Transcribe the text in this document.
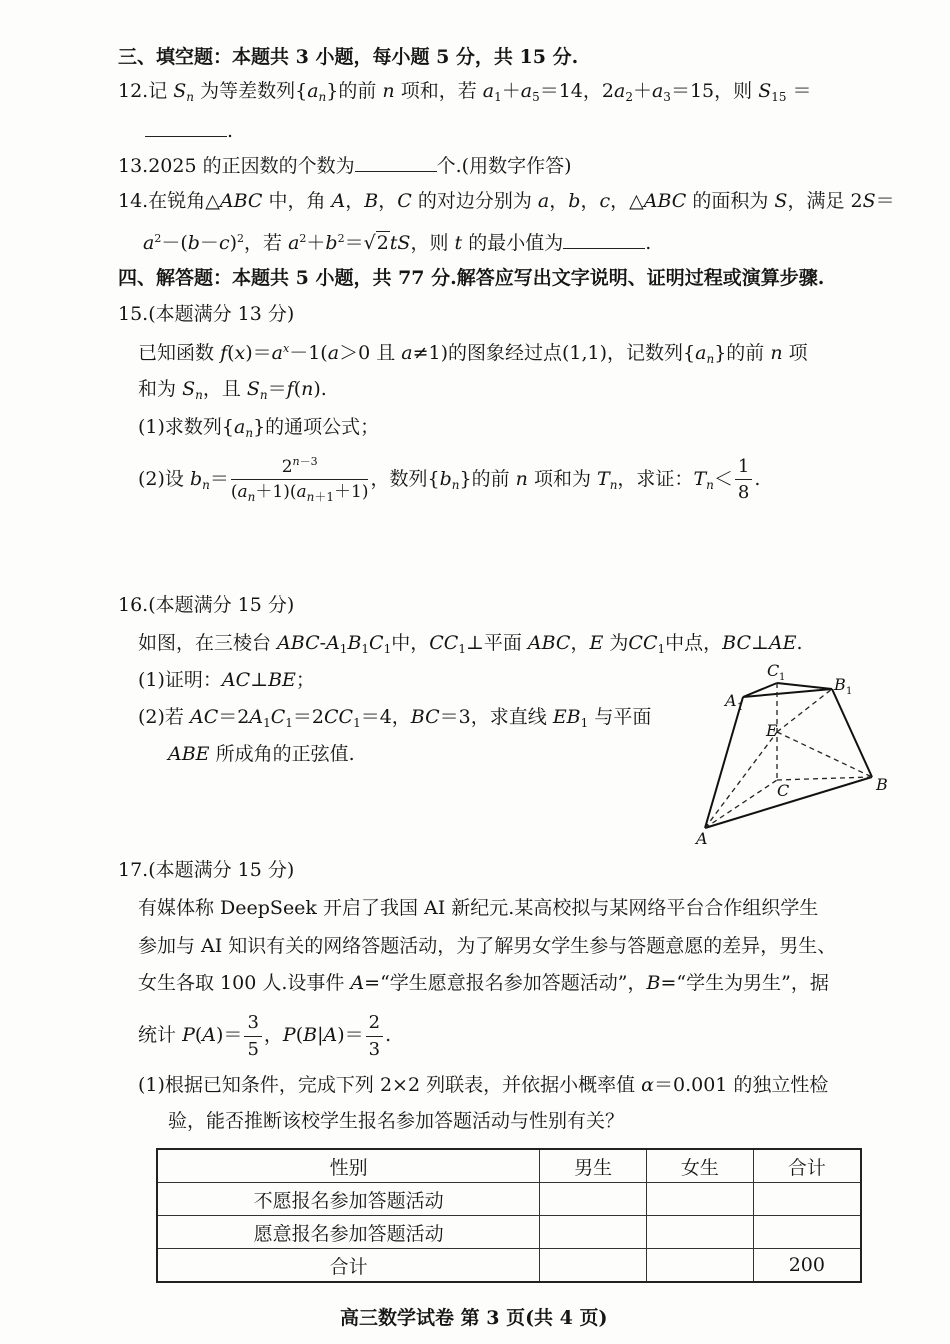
三、填空题：本题共 3 小题，每小题 5 分，共 15 分.
12.记 $S_n$ 为等差数列$\{a_n\}$的前 n 项和，若 $a_1+a_5=14$，$2a_2+a_3=15$，则 $S_{15}$ ＝
.
13.2025 的正因数的个数为	个.(用数字作答)
14.在锐角△ABC 中，角 A，B，C 的对边分别为 a，b，c，△ABC 的面积为 S，满足 2S＝
$a^2-(b-c)^2$，若 $a^2+b^2=√2tS$，则 t 的最小值为	.
四、解答题：本题共 5 小题，共 77 分.解答应写出文字说明、证明过程或演算步骤.
15.(本题满分 13 分)
已知函数 $f(x)=a^x-1(a>0$ 且 a≠1)的图象经过点(1,1)，记数列$\{a_n\}$的前 n 项
和为 $S_n$，且 $S_n=f(n)$.
(1)求数列$\{a_n\}$的通项公式；
(2)设 $b_n= \frac{2^{n-3}}{(a_n+1)(a_{n+1}+1)}$ ，数列$\{b_n\}$的前 n 项和为 $T_n$，求证：$T_n< \frac{1}{8}$ .
16.(本题满分 15 分)
如图，在三棱台 ABC-$A_1B_1C_1$中，$CC_1\perp$平面 ABC，E 为$CC_1$中点，BC⊥AE.
(1)证明：AC⊥BE；
(2)若 $AC=2A_1C_1=2CC_1=4$，BC＝3，求直线 $EB_1$ 与平面
ABE 所成角的正弦值.
C 1	B 1
A 1
E
C	B
A
17.(本题满分 15 分)
有媒体称 DeepSeek 开启了我国 AI 新纪元.某高校拟与某网络平台合作组织学生
参加与 AI 知识有关的网络答题活动，为了解男女学生参与答题意愿的差异，男生、
女生各取 100 人.设事件 A=“学生愿意报名参加答题活动”，B=“学生为男生”，据
统计 $P(A)= \frac{3}{5}$ ，$P(B|A)= \frac{2}{3}$ .
(1)根据已知条件，完成下列 2×2 列联表，并依据小概率值 α＝0.001 的独立性检
验，能否推断该校学生报名参加答题活动与性别有关？
性别	男生	女生	合计
不愿报名参加答题活动			
愿意报名参加答题活动			
合计			200
高三数学试卷 第 3 页(共 4 页)
